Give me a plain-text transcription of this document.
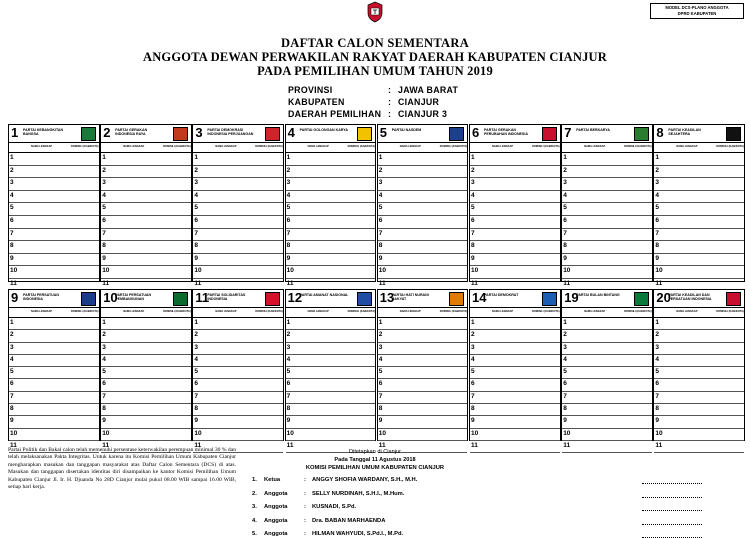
MODEL DCS-PLANO ANGGOTA
DPRD KABUPATEN
DAFTAR CALON SEMENTARA
ANGGOTA DEWAN PERWAKILAN RAKYAT DAERAH KABUPATEN CIANJUR
PADA PEMILIHAN UMUM TAHUN 2019
PROVINSI	: JAWA BARAT
KABUPATEN	: CIANJUR
DAERAH PEMILIHAN : CIANJUR 3
1 PARTAI KEBANGKITAN BANGSA
NAMA LENGKAP	DOMISILI (KAB/KOTA)
1
2
3
4
5
6
7
8
9
10
11
2 PARTAI GERAKAN INDONESIA RAYA
NAMA LENGKAP	DOMISILI (KAB/KOTA)
1
2
3
4
5
6
7
8
9
10
11
3 PARTAI DEMOKRASI INDONESIA PERJUANGAN
NAMA LENGKAP	DOMISILI (KAB/KOTA)
1
2
3
4
5
6
7
8
9
10
11
4 PARTAI GOLONGAN KARYA
NAMA LENGKAP	DOMISILI (KAB/KOTA)
1
2
3
4
5
6
7
8
9
10
11
5 PARTAI NASDEM
NAMA LENGKAP	DOMISILI (KAB/KOTA)
1
2
3
4
5
6
7
8
9
10
11
6 PARTAI GERAKAN PERUBAHAN INDONESIA
NAMA LENGKAP	DOMISILI (KAB/KOTA)
1
2
3
4
5
6
7
8
9
10
11
7 PARTAI BERKARYA
NAMA LENGKAP	DOMISILI (KAB/KOTA)
1
2
3
4
5
6
7
8
9
10
11
8 PARTAI KEADILAN SEJAHTERA
NAMA LENGKAP	DOMISILI (KAB/KOTA)
1
2
3
4
5
6
7
8
9
10
11
9 PARTAI PERSATUAN INDONESIA
NAMA LENGKAP	DOMISILI (KAB/KOTA)
1
2
3
4
5
6
7
8
9
10
11
10
PARTAI PERSATUAN PEMBANGUNAN
NAMA LENGKAP	DOMISILI (KAB/KOTA)
1
2
3
4
5
6
7
8
9
10
11
11
PARTAI SOLIDARITAS INDONESIA
NAMA LENGKAP	DOMISILI (KAB/KOTA)
1
2
3
4
5
6
7
8
9
10
11
12
PARTAI AMANAT NASIONAL
NAMA LENGKAP	DOMISILI (KAB/KOTA)
1
2
3
4
5
6
7
8
9
10
11
13
PARTAI HATI NURANI RAKYAT
NAMA LENGKAP	DOMISILI (KAB/KOTA)
1
2
3
4
5
6
7
8
9
10
11
14
PARTAI DEMOKRAT
NAMA LENGKAP	DOMISILI (KAB/KOTA)
1
2
3
4
5
6
7
8
9
10
11
19
PARTAI BULAN BINTANG
NAMA LENGKAP	DOMISILI (KAB/KOTA)
1
2
3
4
5
6
7
8
9
10
11
20
PARTAI KEADILAN DAN PERSATUAN INDONESIA
NAMA LENGKAP	DOMISILI (KAB/KOTA)
1
2
3
4
5
6
7
8
9
10
11
Partai Politik dan Bakal calon telah memenuhi persentase keterwakilan perempuan minimal 30 % dan telah melaksanakan Pakta Integritas. Untuk karena itu Komisi Pemilihan Umum Kabupaten Cianjur mengharapkan masukan dan tanggapan masyarakat atas Daftar Calon Sementara (DCS) di atas. Masukan dan tanggapan disertakan identitas diri disampaikan ke kantor Komisi Pemilihan Umum Kabupaten Cianjur Jl. Ir. H. Djuanda No 28D Cianjur mulai pukul 08.00 WIB sampai 16.00 WIB, setiap hari kerja.
Ditetapkan di Cianjur
Pada Tanggal 11 Agustus 2018
KOMISI PEMILIHAN UMUM KABUPATEN CIANJUR
1. Ketua	: ANGGY SHOFIA WARDANY, S.H., M.H.
2. Anggota	: SELLY NURDINAH, S.H.I., M.Hum.
3. Anggota	: KUSNADI, S.Pd.
4. Anggota	: Dra. BABAN MARHAENDA
5. Anggota	: HILMAN WAHYUDI, S.Pd.I., M.Pd.
